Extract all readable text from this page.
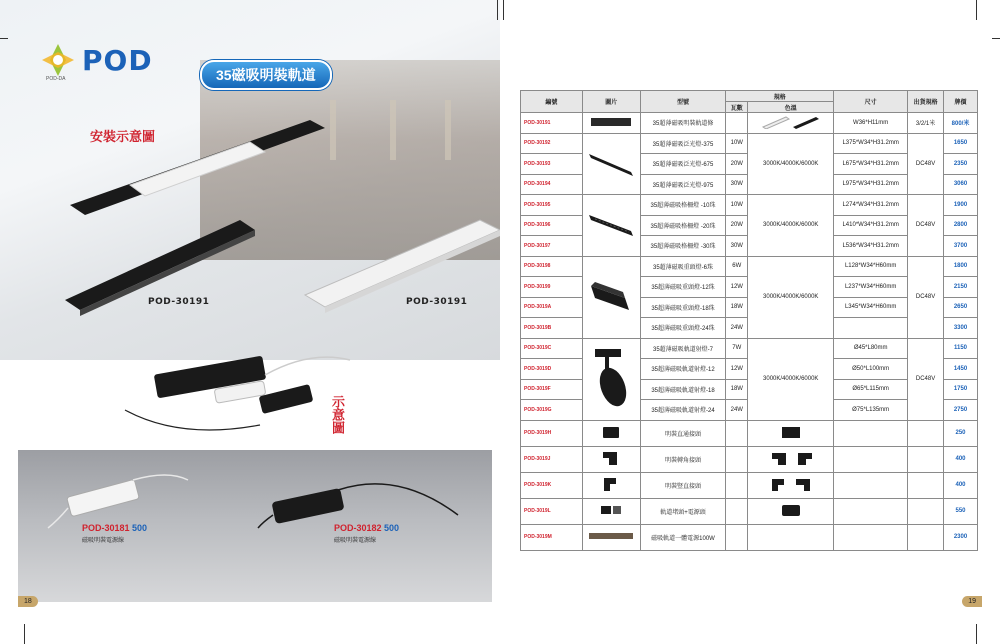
POD
POD-DA	35磁吸明裝軌道
安裝示意圖
POD-30191	POD-30191
示意圖
POD-30181 500
磁吸明裝電源線
POD-30182 500
磁吸明裝電源線
18
編號	圖片	型號	規格		尺寸	出貨規格	牌價
			瓦數	色溫			
POD-30191		35超薄磁吸明裝軌道條			W36*H11mm	3/2/1米	800/米
POD-30192		35超薄磁吸泛光燈-375	10W	3000K/4000K/6000K	L375*W34*H31.2mm	DC48V	1650
POD-30193		35超薄磁吸泛光燈-675	20W		L675*W34*H31.2mm		2350
POD-30194		35超薄磁吸泛光燈-975	30W		L975*W34*H31.2mm		3060
POD-30195		35超薄磁吸格柵燈 -10珠	10W	3000K/4000K/6000K	L274*W34*H31.2mm	DC48V	1900
POD-30196		35超薄磁吸格柵燈 -20珠	20W		L410*W34*H31.2mm		2800
POD-30197		35超薄磁吸格柵燈 -30珠	30W		L536*W34*H31.2mm		3700
POD-30198		35超薄磁吸重頭燈-6珠	6W	3000K/4000K/6000K	L128*W34*H60mm	DC48V	1800
POD-30199		35超薄磁吸重頭燈-12珠	12W		L237*W34*H60mm		2150
POD-3019A		35超薄磁吸重頭燈-18珠	18W		L345*W34*H60mm		2650
POD-3019B		35超薄磁吸重頭燈-24珠	24W				3300
POD-3019C		35超薄磁吸軌道射燈-7	7W	3000K/4000K/6000K	Ø45*L80mm	DC48V	1150
POD-3019D		35超薄磁吸軌道射燈-12	12W		Ø50*L100mm		1450
POD-3019F		35超薄磁吸軌道射燈-18	18W		Ø65*L115mm		1750
POD-3019G		35超薄磁吸軌道射燈-24	24W		Ø75*L135mm		2750
POD-3019H		明裝直通接頭					250
POD-3019J		明裝轉角接頭					400
POD-3019K		明裝豎直接頭					400
POD-3019L		軌道堵頭+電源頭					550
POD-3019M		磁吸軌道一體電源100W					2300
19
